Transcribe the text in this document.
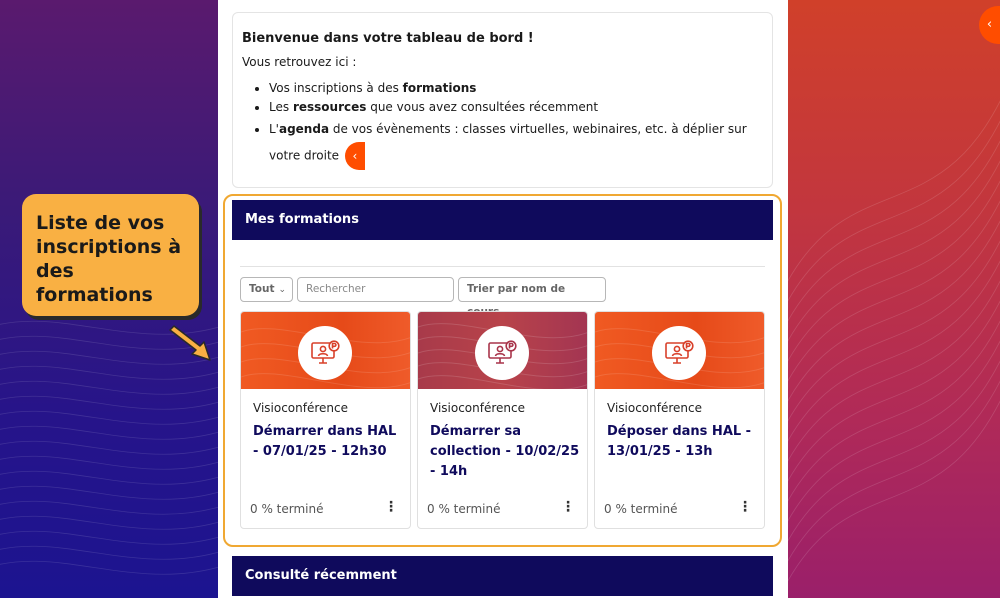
Bienvenue dans votre tableau de bord !

Vous retrouvez ici :

• Vos inscriptions à des formations
• Les ressources que vous avez consultées récemment
• L'agenda de vos évènements : classes virtuelles, webinaires, etc. à déplier sur votre droite ‹
Mes formations
Tout ⌄	Rechercher	Trier par nom de
Visioconférence
Démarrer dans HAL - 07/01/25 - 12h30
0 % terminé	⋮
Visioconférence
Démarrer sa collection - 10/02/25 - 14h
0 % terminé	⋮
Visioconférence
Déposer dans HAL - 13/01/25 - 13h
0 % terminé	⋮
Consulté récemment
Liste de vos
inscriptions à
des formations
‹
